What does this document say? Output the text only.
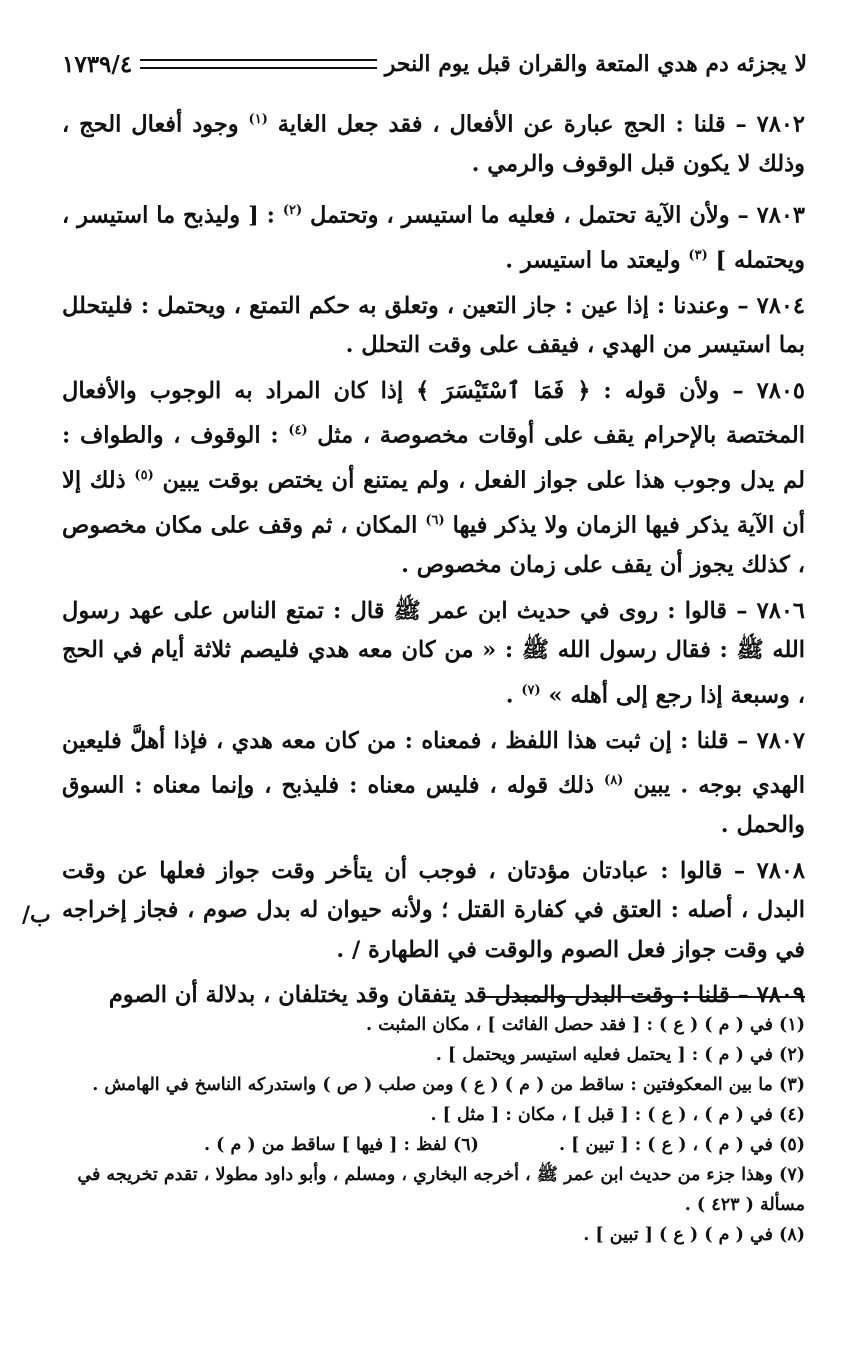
لا يجزئه دم هدي المتعة والقران قبل يوم النحر
١٧٣٩/٤

٧٨٠٢ – قلنا : الحج عبارة عن الأفعال ، فقد جعل الغاية $^{(١)}$ وجود أفعال الحج ، وذلك لا يكون قبل الوقوف والرمي .

٧٨٠٣ – ولأن الآية تحتمل ، فعليه ما استيسر ، وتحتمل $^{(٢)}$ : [ وليذبح ما استيسر ، ويحتمله ] $^{(٣)}$ وليعتد ما استيسر .

٧٨٠٤ – وعندنا : إذا عين : جاز التعين ، وتعلق به حكم التمتع ، ويحتمل : فليتحلل بما استيسر من الهدي ، فيقف على وقت التحلل .

٧٨٠٥ – ولأن قوله : ﴿ فَمَا ٱسْتَيْسَرَ ﴾ إذا كان المراد به الوجوب والأفعال المختصة بالإحرام يقف على أوقات مخصوصة ، مثل $^{(٤)}$ : الوقوف ، والطواف : لم يدل وجوب هذا على جواز الفعل ، ولم يمتنع أن يختص بوقت يبين $^{(٥)}$ ذلك إلا أن الآية يذكر فيها الزمان ولا يذكر فيها $^{(٦)}$ المكان ، ثم وقف على مكان مخصوص ، كذلك يجوز أن يقف على زمان مخصوص .

٧٨٠٦ – قالوا : روى في حديث ابن عمر ﷺ قال : تمتع الناس على عهد رسول الله ﷺ : فقال رسول الله ﷺ : « من كان معه هدي فليصم ثلاثة أيام في الحج ، وسبعة إذا رجع إلى أهله » $^{(٧)}$ .

٧٨٠٧ – قلنا : إن ثبت هذا اللفظ ، فمعناه : من كان معه هدي ، فإذا أهلَّ فليعين الهدي بوجه . يبين $^{(٨)}$ ذلك قوله ، فليس معناه : فليذبح ، وإنما معناه : السوق والحمل .

٧٨٠٨ – قالوا : عبادتان مؤدتان ، فوجب أن يتأخر وقت جواز فعلها عن وقت البدل ، أصله : العتق في كفارة القتل ؛ ولأنه حيوان له بدل صوم ، فجاز إخراجه في وقت جواز فعل الصوم والوقت في الطهارة / .

٧٨٠٩ – قلنا : وقت البدل والمبدل قد يتفقان وقد يختلفان ، بدلالة أن الصوم

/ب

(١) في ( م ) ( ع ) : [ فقد حصل الفائت ] ، مكان المثبت .

(٢) في ( م ) : [ يحتمل فعليه استيسر ويحتمل ] .

(٣) ما بين المعكوفتين : ساقط من ( م ) ( ع ) ومن صلب ( ص ) واستدركه الناسخ في الهامش .

(٤) في ( م ) ، ( ع ) : [ قبل ] ، مكان : [ مثل ] .

(٥) في ( م ) ، ( ع ) : [ تبين ] .

(٦) لفظ : [ فيها ] ساقط من ( م ) .

(٧) وهذا جزء من حديث ابن عمر ﷺ ، أخرجه البخاري ، ومسلم ، وأبو داود مطولا ، تقدم تخريجه في مسألة ( ٤٢٣ ) .

(٨) في ( م ) ( ع ) [ تبين ] .
